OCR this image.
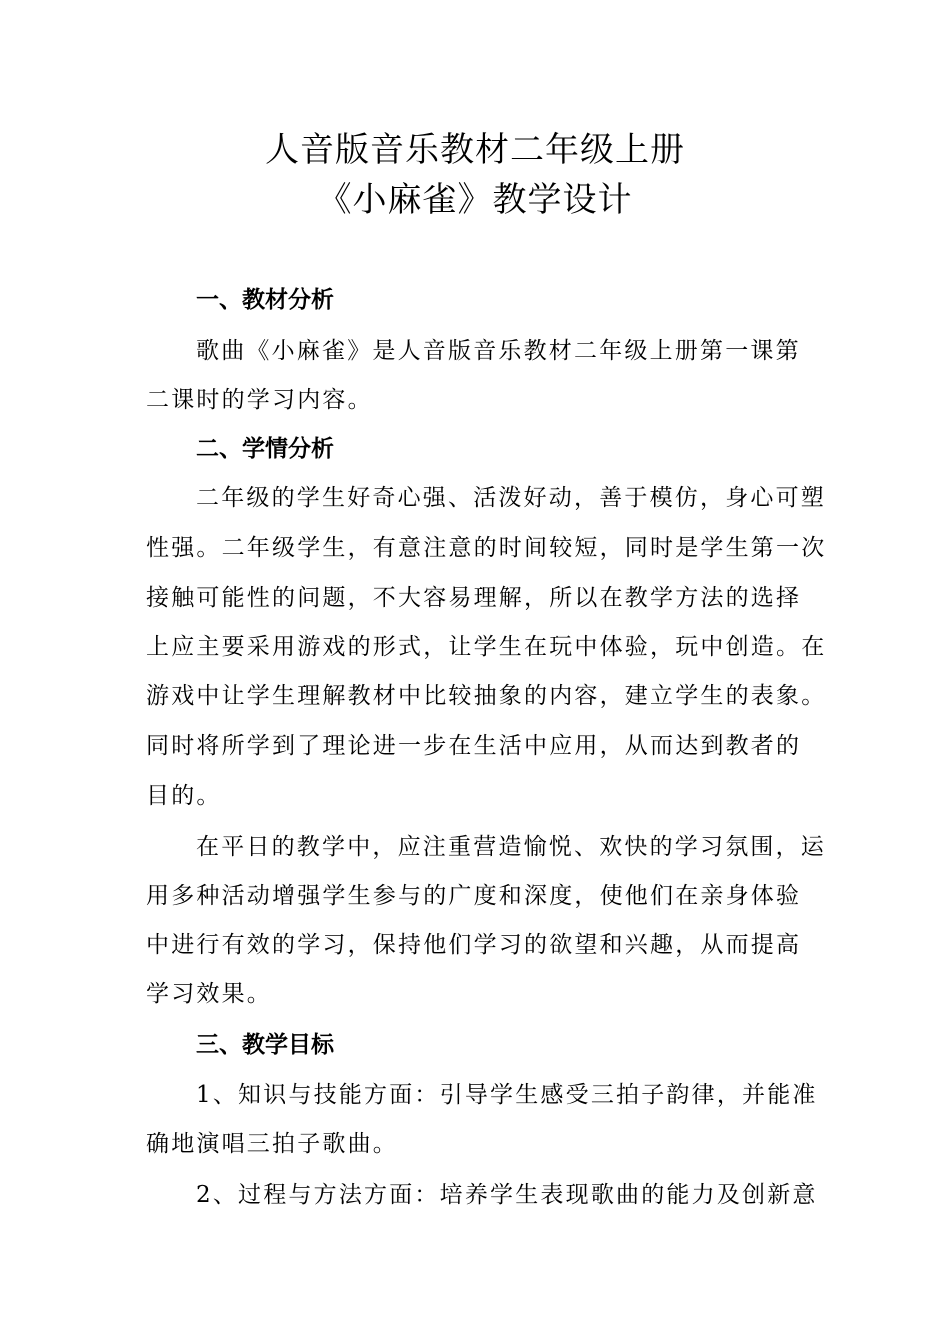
人音版音乐教材二年级上册
《小麻雀》教学设计
一、教材分析
歌曲《小麻雀》是人音版音乐教材二年级上册第一课第
二课时的学习内容。
二、学情分析
二年级的学生好奇心强、活泼好动，善于模仿，身心可塑
性强。二年级学生，有意注意的时间较短，同时是学生第一次
接触可能性的问题，不大容易理解，所以在教学方法的选择
上应主要采用游戏的形式，让学生在玩中体验，玩中创造。在
游戏中让学生理解教材中比较抽象的内容，建立学生的表象。
同时将所学到了理论进一步在生活中应用，从而达到教者的
目的。
在平日的教学中，应注重营造愉悦、欢快的学习氛围，运
用多种活动增强学生参与的广度和深度，使他们在亲身体验
中进行有效的学习，保持他们学习的欲望和兴趣，从而提高
学习效果。
三、教学目标
1、知识与技能方面：引导学生感受三拍子韵律，并能准
确地演唱三拍子歌曲。
2、过程与方法方面：培养学生表现歌曲的能力及创新意
